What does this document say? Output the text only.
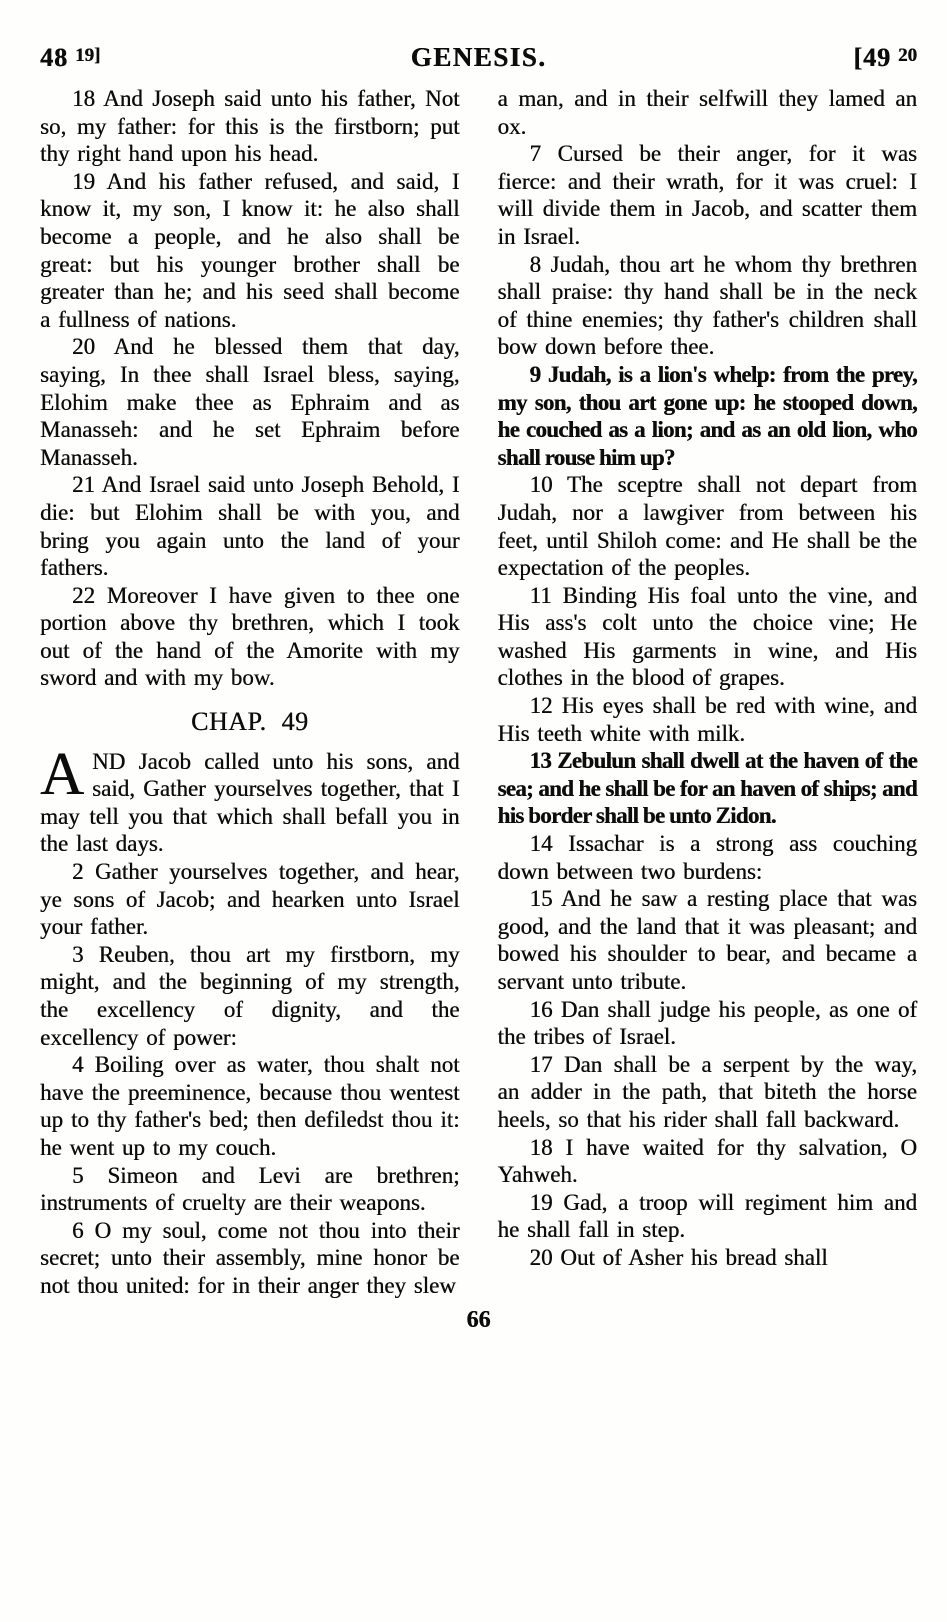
48 19]	GENESIS.	[49 20

18 And Joseph said unto his father, Not so, my father: for this is the firstborn; put thy right hand upon his head.

19 And his father refused, and said, I know it, my son, I know it: he also shall become a people, and he also shall be great: but his younger brother shall be greater than he; and his seed shall become a fullness of nations.

20 And he blessed them that day, saying, In thee shall Israel bless, saying, Elohim make thee as Ephraim and as Manasseh: and he set Ephraim before Manasseh.

21 And Israel said unto Joseph Behold, I die: but Elohim shall be with you, and bring you again unto the land of your fathers.

22 Moreover I have given to thee one portion above thy brethren, which I took out of the hand of the Amorite with my sword and with my bow.

CHAP. 49

AND Jacob called unto his sons, and said, Gather yourselves together, that I may tell you that which shall befall you in the last days.

2 Gather yourselves together, and hear, ye sons of Jacob; and hearken unto Israel your father.

3 Reuben, thou art my firstborn, my might, and the beginning of my strength, the excellency of dignity, and the excellency of power:

4 Boiling over as water, thou shalt not have the preeminence, because thou wentest up to thy father's bed; then defiledst thou it: he went up to my couch.

5 Simeon and Levi are brethren; instruments of cruelty are their weapons.

6 O my soul, come not thou into their secret; unto their assembly, mine honor be not thou united: for in their anger they slew

a man, and in their selfwill they lamed an ox.

7 Cursed be their anger, for it was fierce: and their wrath, for it was cruel: I will divide them in Jacob, and scatter them in Israel.

8 Judah, thou art he whom thy brethren shall praise: thy hand shall be in the neck of thine enemies; thy father's children shall bow down before thee.

9 Judah, is a lion's whelp: from the prey, my son, thou art gone up: he stooped down, he couched as a lion; and as an old lion, who shall rouse him up?

10 The sceptre shall not depart from Judah, nor a lawgiver from between his feet, until Shiloh come: and He shall be the expectation of the peoples.

11 Binding His foal unto the vine, and His ass's colt unto the choice vine; He washed His garments in wine, and His clothes in the blood of grapes.

12 His eyes shall be red with wine, and His teeth white with milk.

13 Zebulun shall dwell at the haven of the sea; and he shall be for an haven of ships; and his border shall be unto Zidon.

14 Issachar is a strong ass couching down between two burdens:

15 And he saw a resting place that was good, and the land that it was pleasant; and bowed his shoulder to bear, and became a servant unto tribute.

16 Dan shall judge his people, as one of the tribes of Israel.

17 Dan shall be a serpent by the way, an adder in the path, that biteth the horse heels, so that his rider shall fall backward.

18 I have waited for thy salvation, O Yahweh.

19 Gad, a troop will regiment him and he shall fall in step.

20 Out of Asher his bread shall

66
